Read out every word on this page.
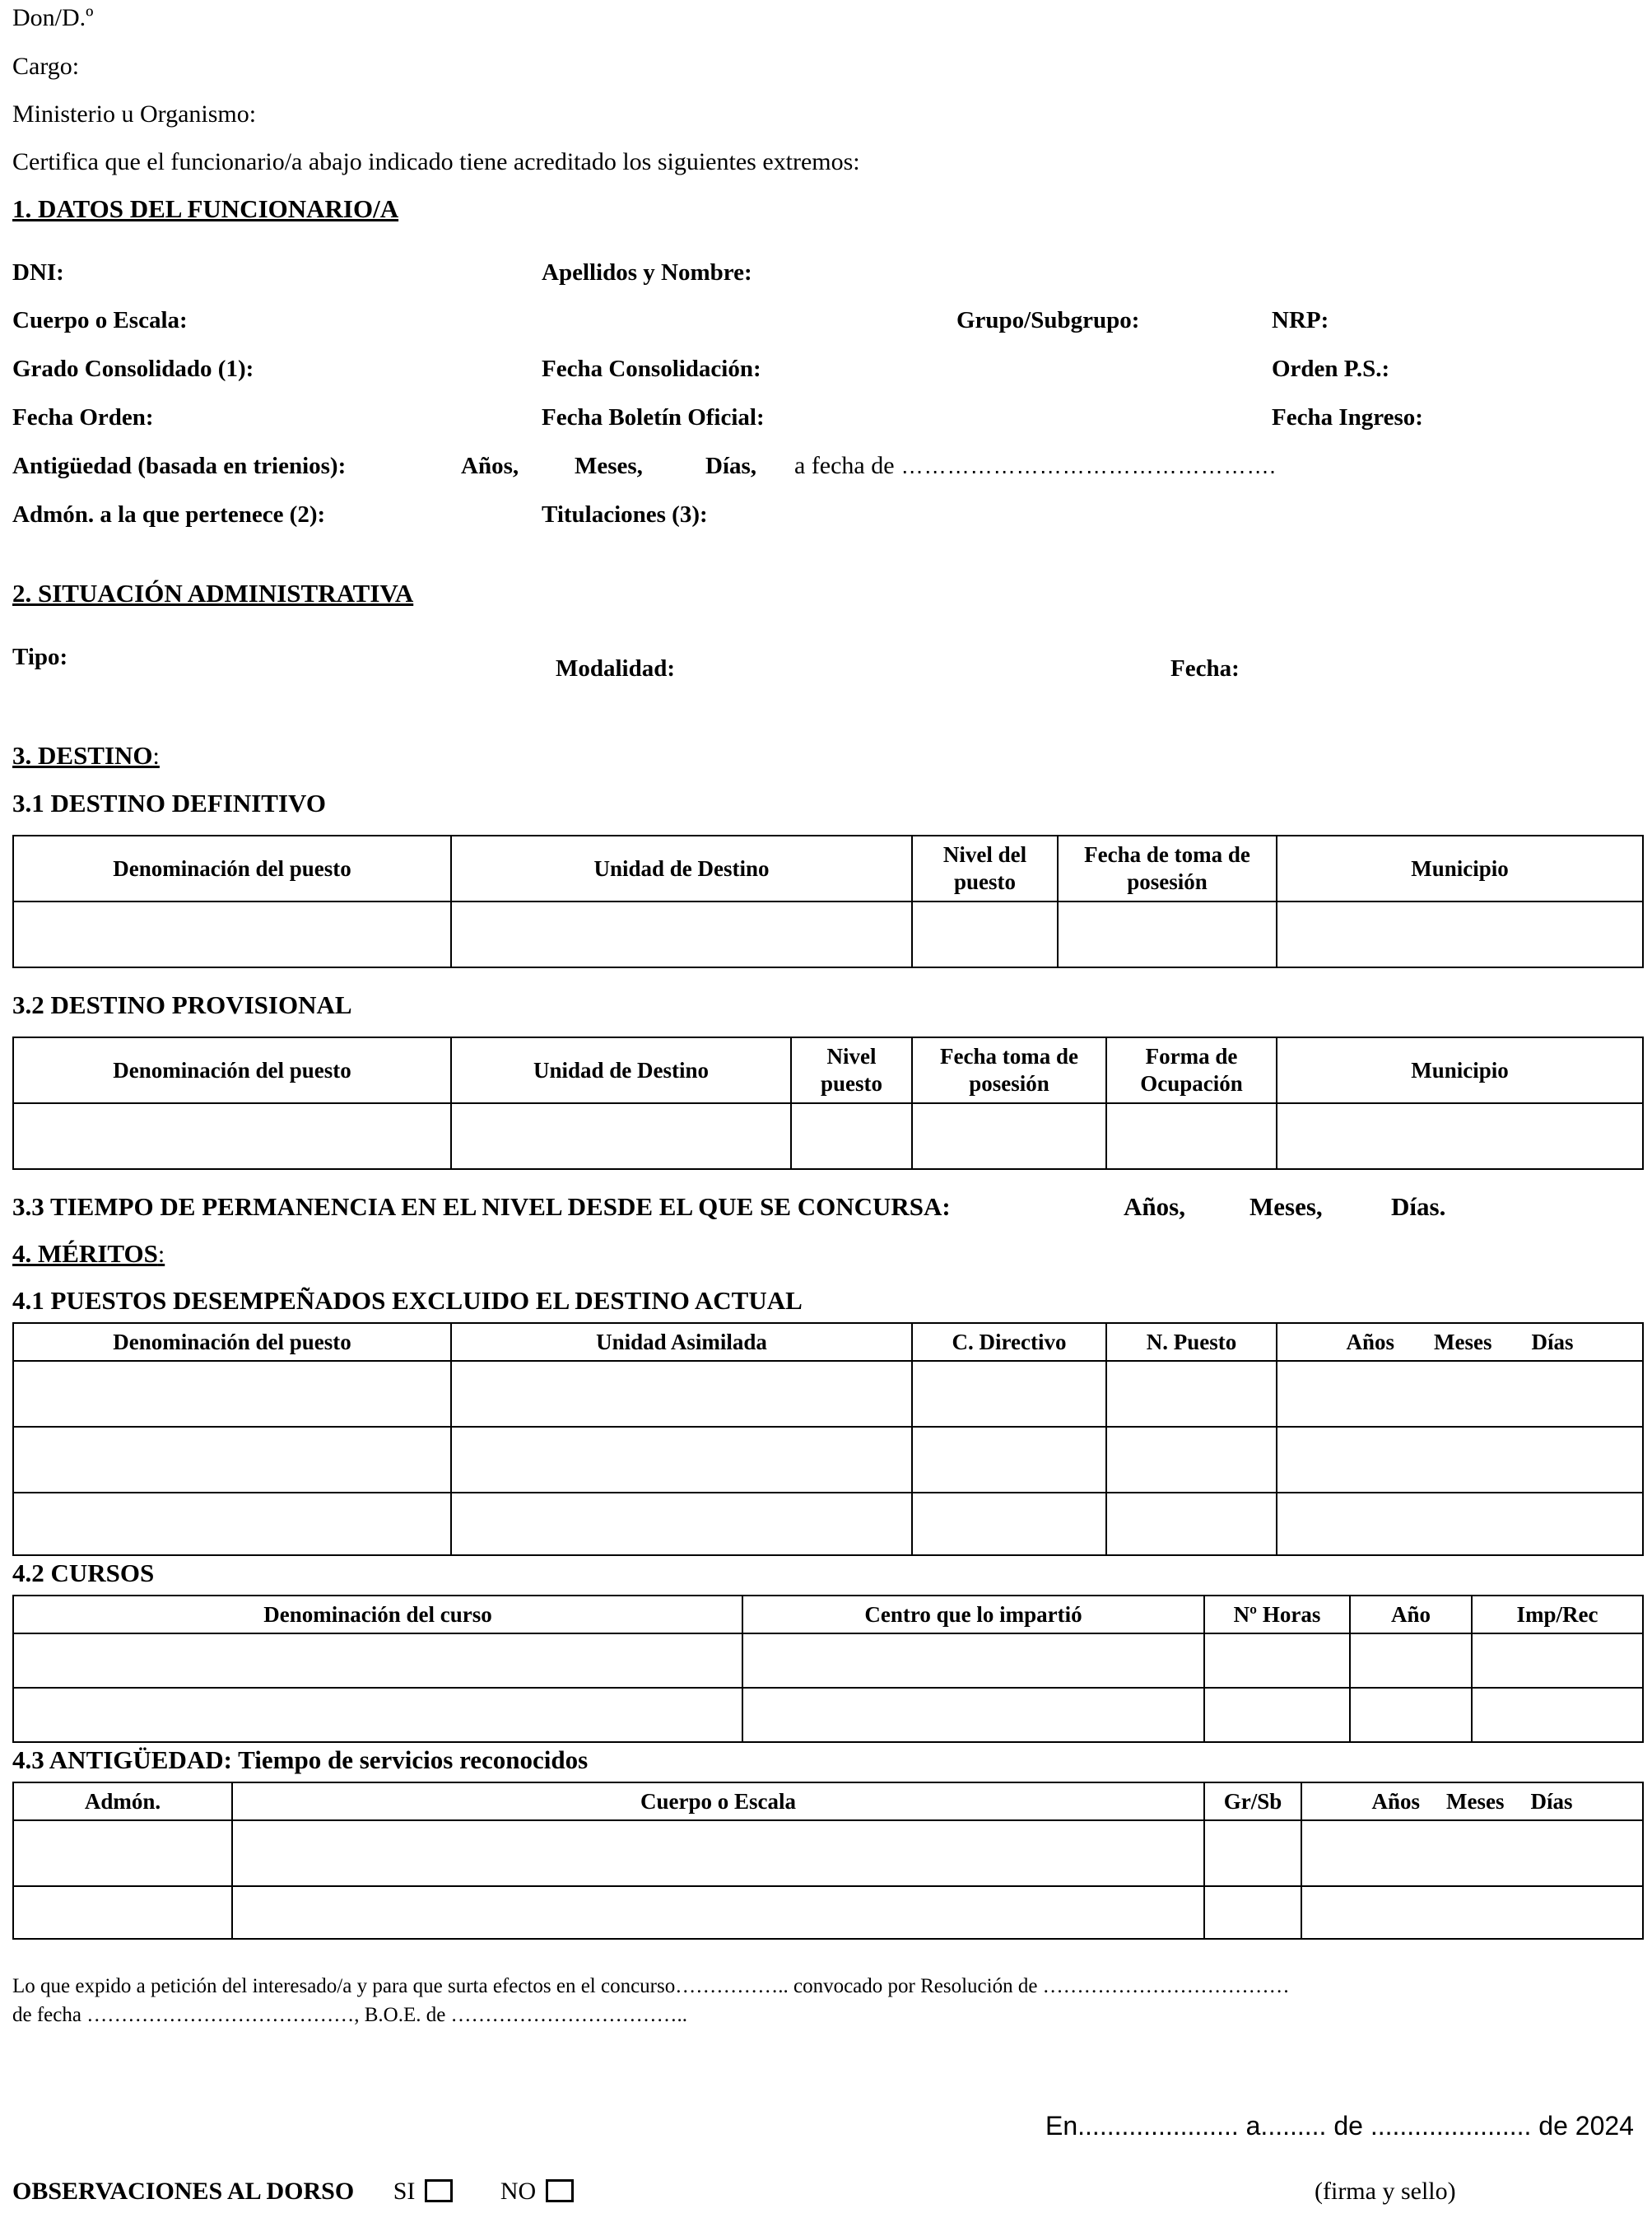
Don/D.º
Cargo:
Ministerio u Organismo:
Certifica que el funcionario/a abajo indicado tiene acreditado los siguientes extremos:
1. DATOS DEL FUNCIONARIO/A
DNI:	Apellidos y Nombre:
Cuerpo o Escala:	Grupo/Subgrupo:	NRP:
Grado Consolidado (1):	Fecha Consolidación:	Orden P.S.:
Fecha Orden:	Fecha Boletín Oficial:	Fecha Ingreso:
Antigüedad (basada en trienios):	Años, Meses,	Días, a fecha de ………………………………………….
Admón. a la que pertenece (2):	Titulaciones (3):
2. SITUACIÓN ADMINISTRATIVA
Tipo:	Modalidad:	Fecha:
3. DESTINO:
3.1 DESTINO DEFINITIVO
Denominación del puesto	Unidad de Destino	Nivel del puesto	Fecha de toma de posesión	Municipio

3.2 DESTINO PROVISIONAL
Denominación del puesto	Unidad de Destino	Nivel puesto	Fecha toma de posesión	Forma de Ocupación	Municipio

3.3 TIEMPO DE PERMANENCIA EN EL NIVEL DESDE EL QUE SE CONCURSA:	Años,	Meses,	Días.
4. MÉRITOS:
4.1 PUESTOS DESEMPEÑADOS EXCLUIDO EL DESTINO ACTUAL
Denominación del puesto	Unidad Asimilada	C. Directivo	N. Puesto	Años Meses Días

4.2 CURSOS
Denominación del curso	Centro que lo impartió	Nº Horas	Año	Imp/Rec

4.3 ANTIGÜEDAD: Tiempo de servicios reconocidos
Admón.	Cuerpo o Escala	Gr/Sb	Años Meses Días

Lo que expido a petición del interesado/a y para que surta efectos en el concurso…………….. convocado por Resolución de ………………………………
de fecha …………………………………, B.O.E. de ……………………………..
En...................... a......... de ...................... de 2024
OBSERVACIONES AL DORSO SI	NO	(firma y sello)
